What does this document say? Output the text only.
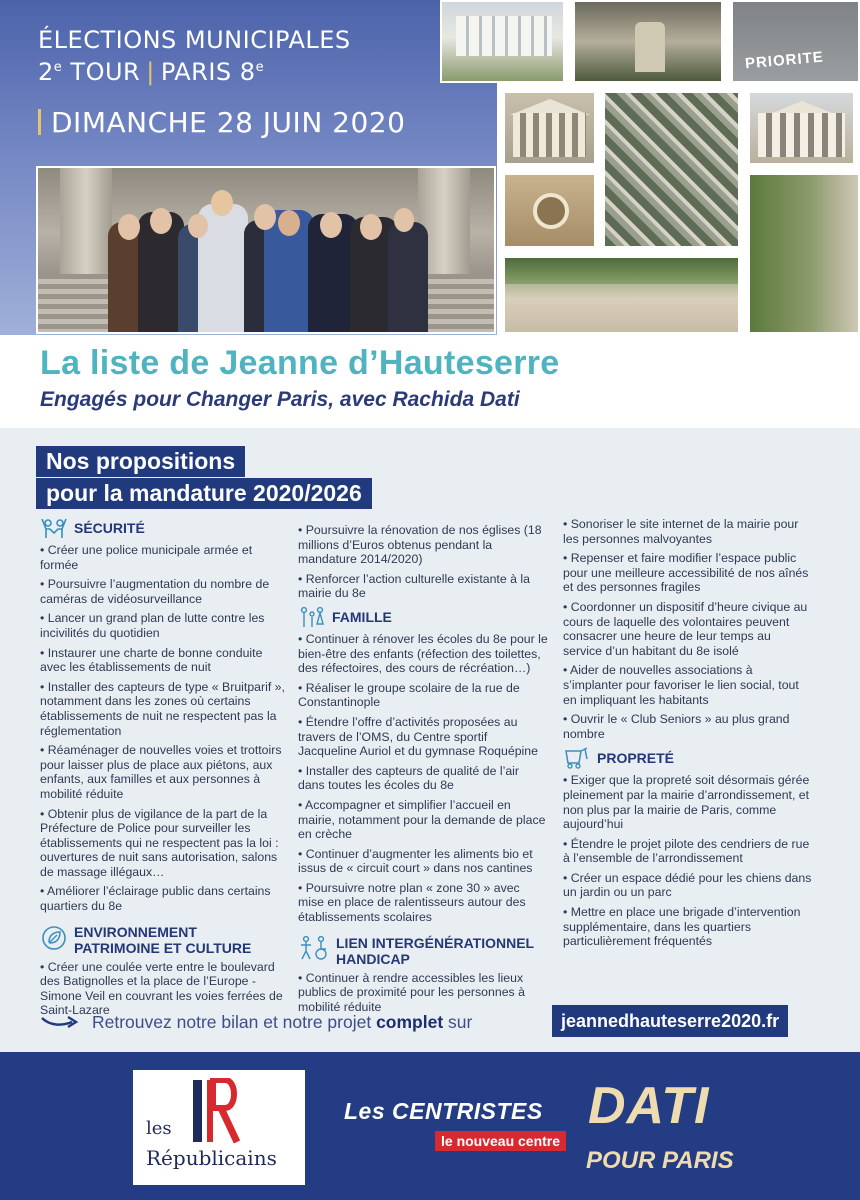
ÉLECTIONS MUNICIPALES
2e TOUR | PARIS 8e
DIMANCHE 28 JUIN 2020
PRIORITE
La liste de Jeanne d’Hauteserre
Engagés pour Changer Paris, avec Rachida Dati
Nos propositions
pour la mandature 2020/2026
SÉCURITÉ
• Créer une police municipale armée et formée
• Poursuivre l’augmentation du nombre de caméras de vidéosurveillance
• Lancer un grand plan de lutte contre les incivilités du quotidien
• Instaurer une charte de bonne conduite avec les établissements de nuit
• Installer des capteurs de type « Bruitparif », notamment dans les zones où certains établissements de nuit ne respectent pas la réglementation
• Réaménager de nouvelles voies et trottoirs pour laisser plus de place aux piétons, aux enfants, aux familles et aux personnes à mobilité réduite
• Obtenir plus de vigilance de la part de la Préfecture de Police pour surveiller les établissements qui ne respectent pas la loi : ouvertures de nuit sans autorisation, salons de massage illégaux…
• Améliorer l’éclairage public dans certains quartiers du 8e
ENVIRONNEMENT
PATRIMOINE ET CULTURE
• Créer une coulée verte entre le boulevard des Batignolles et la place de l’Europe - Simone Veil en couvrant les voies ferrées de Saint-Lazare
• Poursuivre la rénovation de nos églises (18 millions d’Euros obtenus pendant la mandature 2014/2020)
• Renforcer l’action culturelle existante à la mairie du 8e
FAMILLE
• Continuer à rénover les écoles du 8e pour le bien-être des enfants (réfection des toilettes, des réfectoires, des cours de récréation…)
• Réaliser le groupe scolaire de la rue de Constantinople
• Étendre l’offre d’activités proposées au travers de l’OMS, du Centre sportif Jacqueline Auriol et du gymnase Roquépine
• Installer des capteurs de qualité de l’air dans toutes les écoles du 8e
• Accompagner et simplifier l’accueil en mairie, notamment pour la demande de place en crèche
• Continuer d’augmenter les aliments bio et issus de « circuit court » dans nos cantines
• Poursuivre notre plan « zone 30 » avec mise en place de ralentisseurs autour des établissements scolaires
LIEN INTERGÉNÉRATIONNEL
HANDICAP
• Continuer à rendre accessibles les lieux publics de proximité pour les personnes à mobilité réduite
• Sonoriser le site internet de la mairie pour les personnes malvoyantes
• Repenser et faire modifier l’espace public pour une meilleure accessibilité de nos aînés et des personnes fragiles
• Coordonner un dispositif d’heure civique au cours de laquelle des volontaires peuvent consacrer une heure de leur temps au service d’un habitant du 8e isolé
• Aider de nouvelles associations à s’implanter pour favoriser le lien social, tout en impliquant les habitants
• Ouvrir le « Club Seniors » au plus grand nombre
PROPRETÉ
• Exiger que la propreté soit désormais gérée pleinement par la mairie d’arrondissement, et non plus par la mairie de Paris, comme aujourd’hui
• Étendre le projet pilote des cendriers de rue à l’ensemble de l’arrondissement
• Créer un espace dédié pour les chiens dans un jardin ou un parc
• Mettre en place une brigade d’intervention supplémentaire, dans les quartiers particulièrement fréquentés
Retrouvez notre bilan et notre projet complet sur	jeannedhauteserre2020.fr
les
Républicains
Les CENTRISTES
le nouveau centre
DATI
POUR PARIS
